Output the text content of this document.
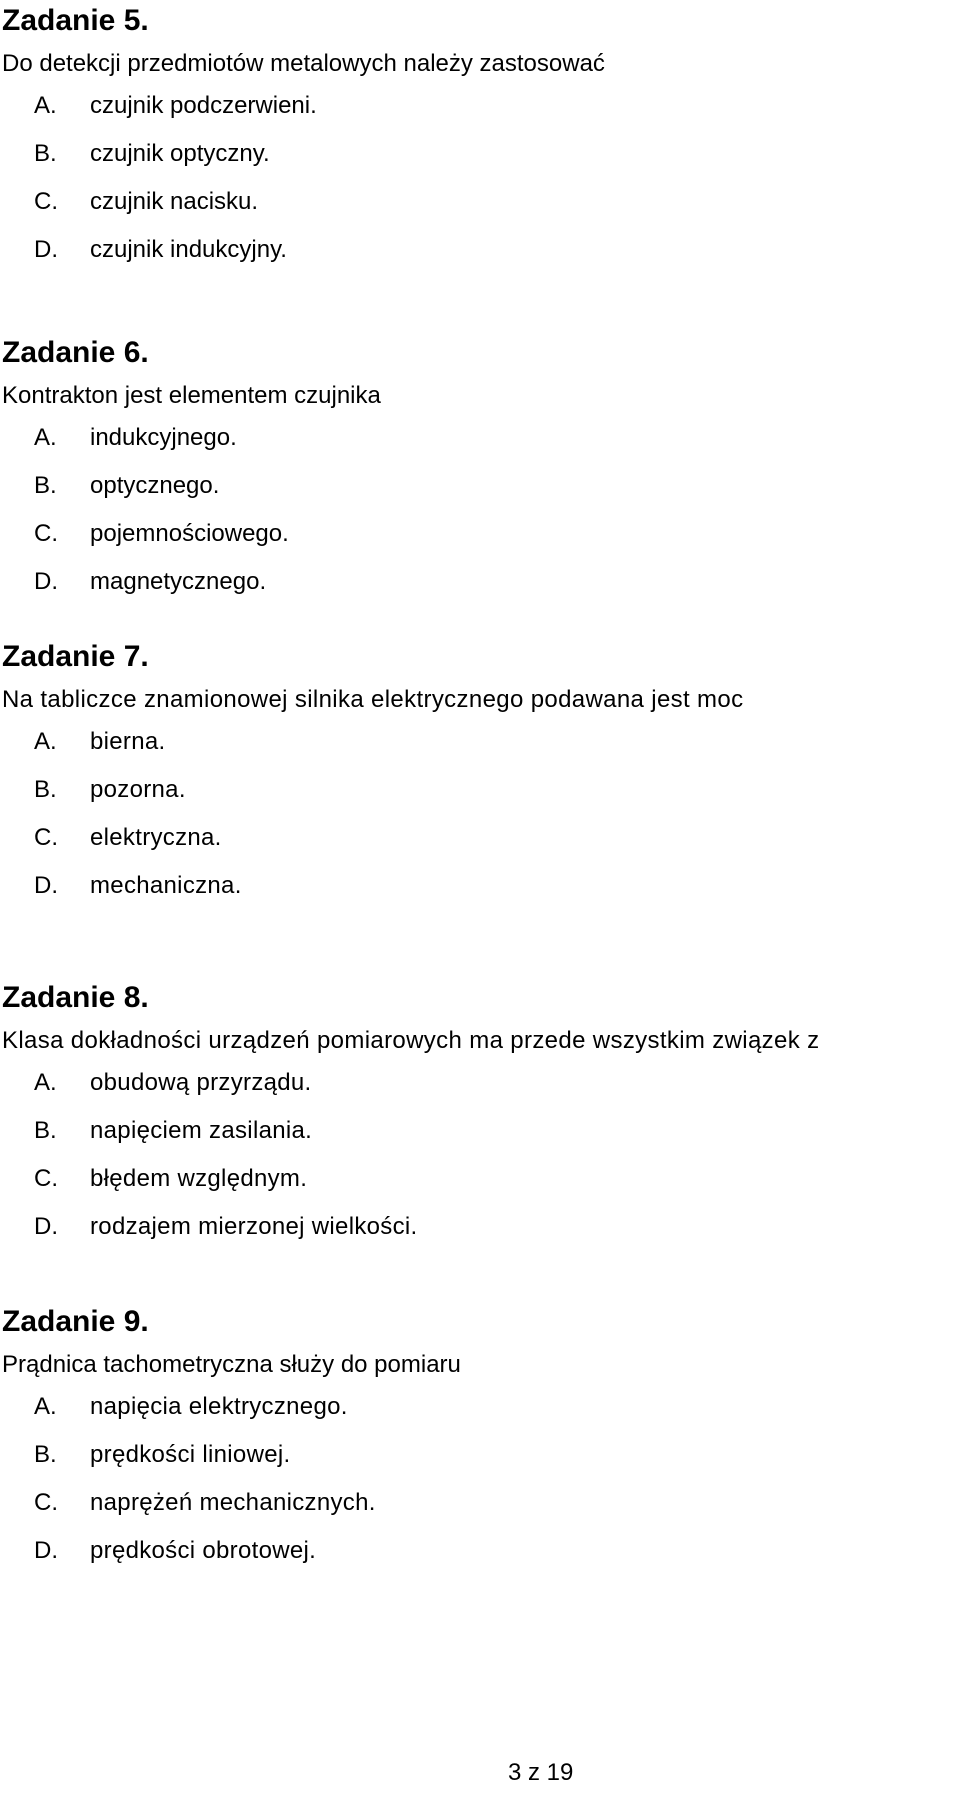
Zadanie 5.

Do detekcji przedmiotów metalowych należy zastosować

A. czujnik podczerwieni.
B. czujnik optyczny.
C. czujnik nacisku.
D. czujnik indukcyjny.
Zadanie 6.

Kontrakton jest elementem czujnika

A. indukcyjnego.
B. optycznego.
C. pojemnościowego.
D. magnetycznego.
Zadanie 7.

Na tabliczce znamionowej silnika elektrycznego podawana jest moc

A. bierna.
B. pozorna.
C. elektryczna.
D. mechaniczna.
Zadanie 8.

Klasa dokładności urządzeń pomiarowych ma przede wszystkim związek z

A. obudową przyrządu.
B. napięciem zasilania.
C. błędem względnym.
D. rodzajem mierzonej wielkości.
Zadanie 9.

Prądnica tachometryczna służy do pomiaru

A. napięcia elektrycznego.
B. prędkości liniowej.
C. naprężeń mechanicznych.
D. prędkości obrotowej.
3 z 19
